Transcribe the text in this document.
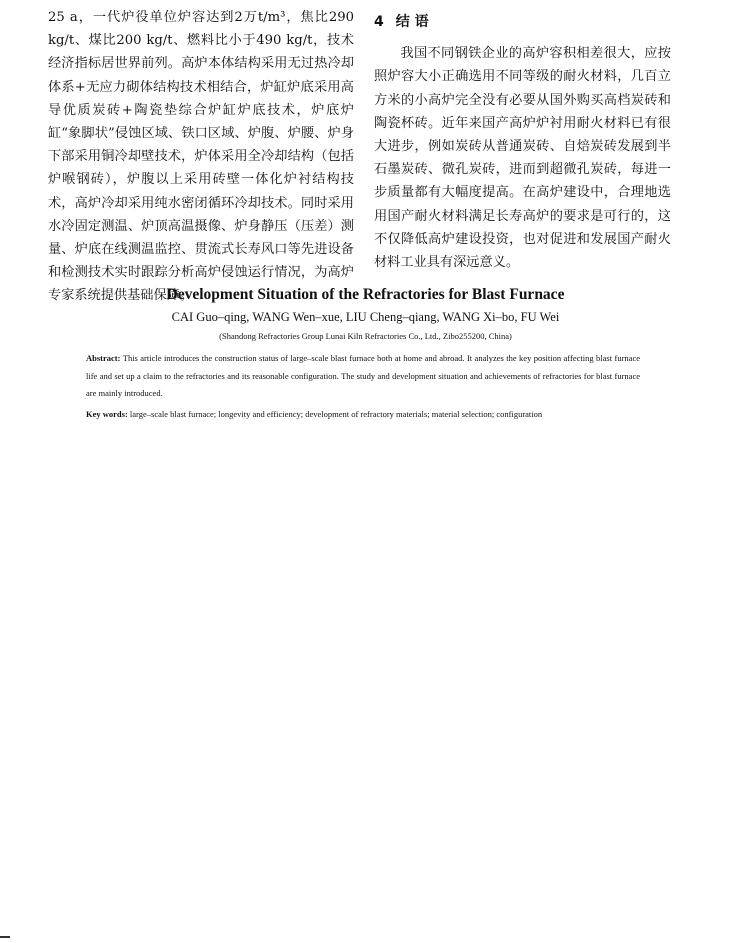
25 a，一代炉役单位炉容达到2万t/m³，焦比290 kg/t、煤比200 kg/t、燃料比小于490 kg/t，技术经济指标居世界前列。高炉本体结构采用无过热冷却体系+无应力砌体结构技术相结合，炉缸炉底采用高导优质炭砖+陶瓷垫综合炉缸炉底技术，炉底炉缸“象脚状”侵蚀区域、铁口区域、炉腹、炉腰、炉身下部采用铜冷却壁技术，炉体采用全冷却结构（包括炉喉钢砖），炉腹以上采用砖壁一体化炉衬结构技术，高炉冷却采用纯水密闭循环冷却技术。同时采用水冷固定测温、炉顶高温摄像、炉身静压（压差）测量、炉底在线测温监控、贯流式长寿风口等先进设备和检测技术实时跟踪分析高炉侵蚀运行情况，为高炉专家系统提供基础保障。

4 结 语

我国不同钢铁企业的高炉容积相差很大，应按照炉容大小正确选用不同等级的耐火材料，几百立方米的小高炉完全没有必要从国外购买高档炭砖和陶瓷杯砖。近年来国产高炉炉衬用耐火材料已有很大进步，例如炭砖从普通炭砖、自焙炭砖发展到半石墨炭砖、微孔炭砖，进而到超微孔炭砖，每进一步质量都有大幅度提高。在高炉建设中，合理地选用国产耐火材料满足长寿高炉的要求是可行的，这不仅降低高炉建设投资，也对促进和发展国产耐火材料工业具有深远意义。

Development Situation of the Refractories for Blast Furnace

CAI Guo–qing, WANG Wen–xue, LIU Cheng–qiang, WANG Xi–bo, FU Wei

(Shandong Refractories Group Lunai Kiln Refractories Co., Ltd., Zibo255200, China)

Abstract: This article introduces the construction status of large–scale blast furnace both at home and abroad. It analyzes the key position affecting blast furnace life and set up a claim to the refractories and its reasonable configuration. The study and development situation and achievements of refractories for blast furnace are mainly introduced.

Key words: large–scale blast furnace; longevity and efficiency; development of refractory materials; material selection; configuration
